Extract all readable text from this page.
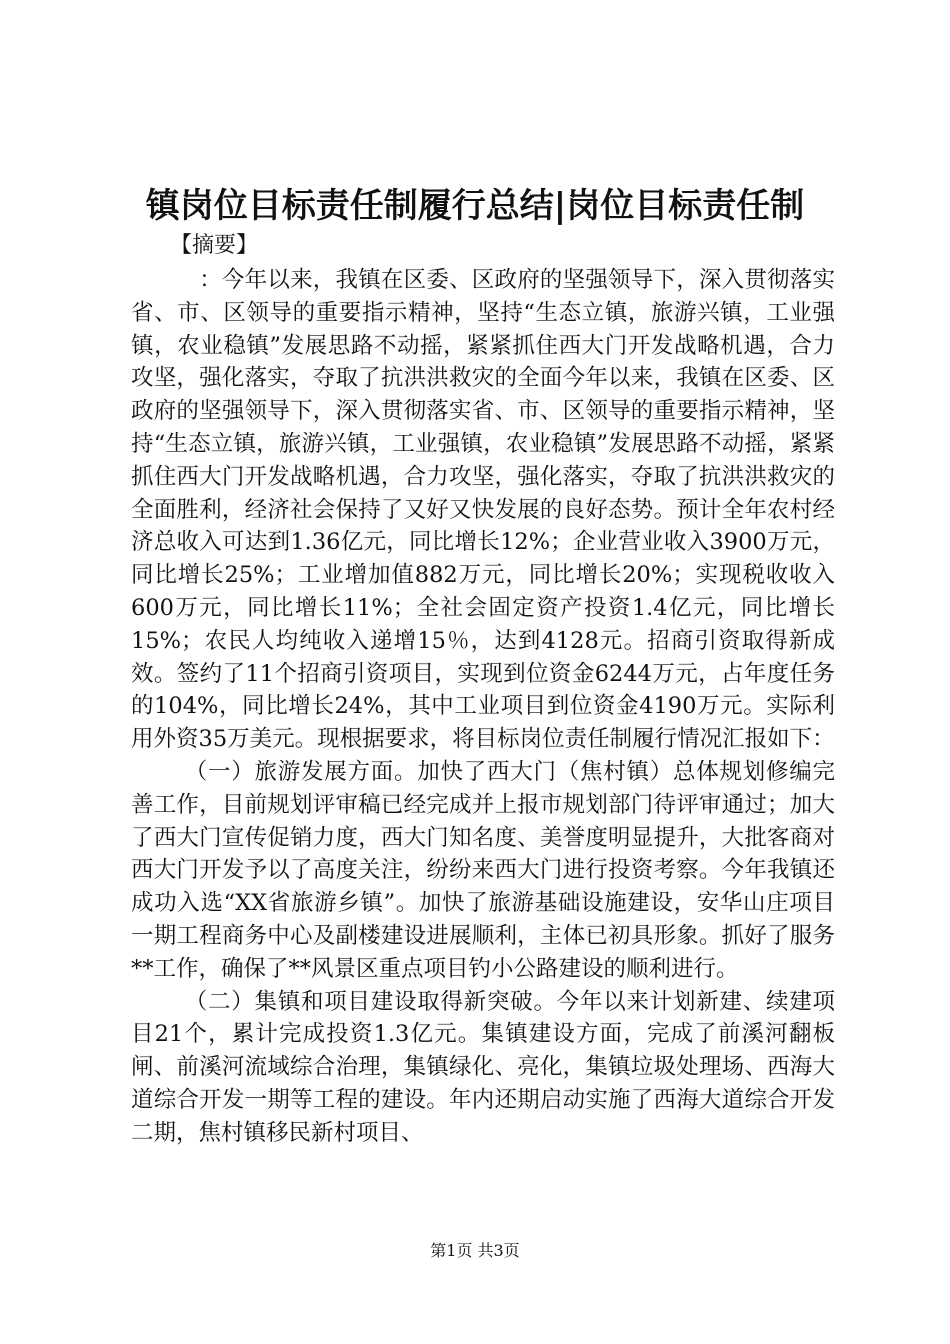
镇岗位目标责任制履行总结|岗位目标责任制

【摘要】

：今年以来，我镇在区委、区政府的坚强领导下，深入贯彻落实省、市、区领导的重要指示精神，坚持“生态立镇，旅游兴镇，工业强镇，农业稳镇”发展思路不动摇，紧紧抓住西大门开发战略机遇，合力攻坚，强化落实，夺取了抗洪洪救灾的全面今年以来，我镇在区委、区政府的坚强领导下，深入贯彻落实省、市、区领导的重要指示精神，坚持“生态立镇，旅游兴镇，工业强镇，农业稳镇”发展思路不动摇，紧紧抓住西大门开发战略机遇，合力攻坚，强化落实，夺取了抗洪洪救灾的全面胜利，经济社会保持了又好又快发展的良好态势。预计全年农村经济总收入可达到1.36亿元，同比增长12%；企业营业收入3900万元，同比增长25%；工业增加值882万元，同比增长20%；实现税收收入600万元，同比增长11%；全社会固定资产投资1.4亿元，同比增长15%；农民人均纯收入递增15％，达到4128元。招商引资取得新成效。签约了11个招商引资项目，实现到位资金6244万元，占年度任务的104%，同比增长24%，其中工业项目到位资金4190万元。实际利用外资35万美元。现根据要求，将目标岗位责任制履行情况汇报如下：

（一）旅游发展方面。加快了西大门（焦村镇）总体规划修编完善工作，目前规划评审稿已经完成并上报市规划部门待评审通过；加大了西大门宣传促销力度，西大门知名度、美誉度明显提升，大批客商对西大门开发予以了高度关注，纷纷来西大门进行投资考察。今年我镇还成功入选“XX省旅游乡镇”。加快了旅游基础设施建设，安华山庄项目一期工程商务中心及副楼建设进展顺利，主体已初具形象。抓好了服务**工作，确保了**风景区重点项目钓小公路建设的顺利进行。

（二）集镇和项目建设取得新突破。今年以来计划新建、续建项目21个，累计完成投资1.3亿元。集镇建设方面，完成了前溪河翻板闸、前溪河流域综合治理，集镇绿化、亮化，集镇垃圾处理场、西海大道综合开发一期等工程的建设。年内还期启动实施了西海大道综合开发二期，焦村镇移民新村项目、

第1页 共3页
